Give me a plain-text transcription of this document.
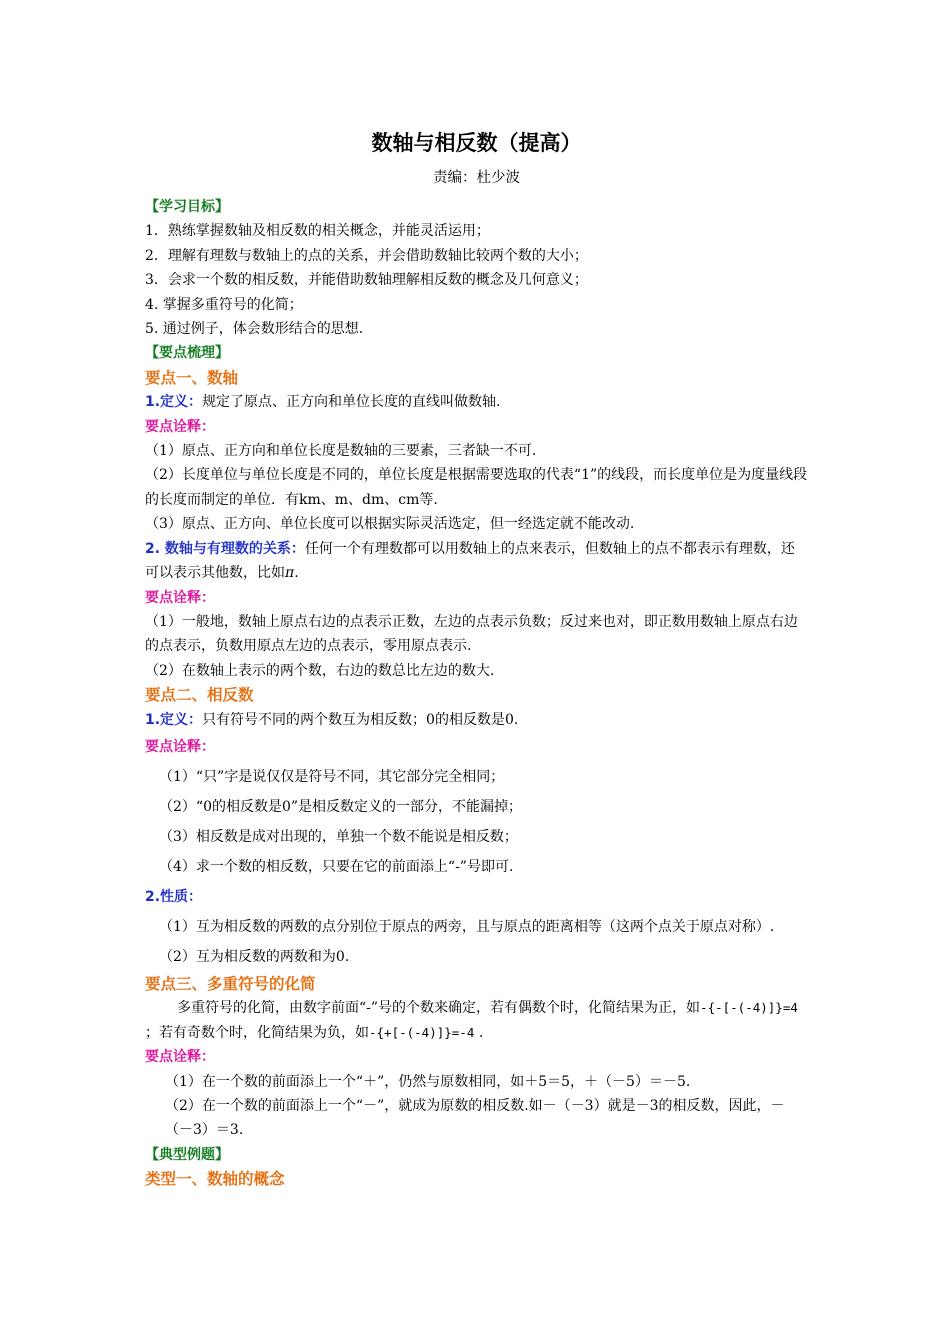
数轴与相反数（提高）
责编：杜少波
【学习目标】
1．熟练掌握数轴及相反数的相关概念，并能灵活运用；
2．理解有理数与数轴上的点的关系，并会借助数轴比较两个数的大小；
3．会求一个数的相反数，并能借助数轴理解相反数的概念及几何意义；
4. 掌握多重符号的化简；
5. 通过例子，体会数形结合的思想.
【要点梳理】
要点一、数轴
1.定义：规定了原点、正方向和单位长度的直线叫做数轴.
要点诠释：
（1）原点、正方向和单位长度是数轴的三要素，三者缺一不可.
（2）长度单位与单位长度是不同的，单位长度是根据需要选取的代表“1”的线段，而长度单位是为度量线段的长度而制定的单位．有km、m、dm、cm等.
（3）原点、正方向、单位长度可以根据实际灵活选定，但一经选定就不能改动.
2. 数轴与有理数的关系：任何一个有理数都可以用数轴上的点来表示，但数轴上的点不都表示有理数，还可以表示其他数，比如π.
要点诠释：
（1）一般地，数轴上原点右边的点表示正数，左边的点表示负数；反过来也对，即正数用数轴上原点右边的点表示，负数用原点左边的点表示，零用原点表示.
（2）在数轴上表示的两个数，右边的数总比左边的数大.
要点二、相反数
1.定义：只有符号不同的两个数互为相反数；0的相反数是0.
要点诠释：
（1）“只”字是说仅仅是符号不同，其它部分完全相同；
（2）“0的相反数是0”是相反数定义的一部分，不能漏掉；
（3）相反数是成对出现的，单独一个数不能说是相反数；
（4）求一个数的相反数，只要在它的前面添上“-”号即可.
2.性质：
（1）互为相反数的两数的点分别位于原点的两旁，且与原点的距离相等（这两个点关于原点对称）.
（2）互为相反数的两数和为0.
要点三、多重符号的化简
多重符号的化简，由数字前面“-”号的个数来确定，若有偶数个时，化简结果为正，如-{-[-(-4)]}=4 ；若有奇数个时，化简结果为负，如-{+[-(-4)]}=-4 .
要点诠释：
（1）在一个数的前面添上一个“＋”，仍然与原数相同，如＋5＝5，＋（－5）＝－5.
（2）在一个数的前面添上一个“－”，就成为原数的相反数.如－（－3）就是－3的相反数，因此，－（－3）＝3.
【典型例题】
类型一、数轴的概念
